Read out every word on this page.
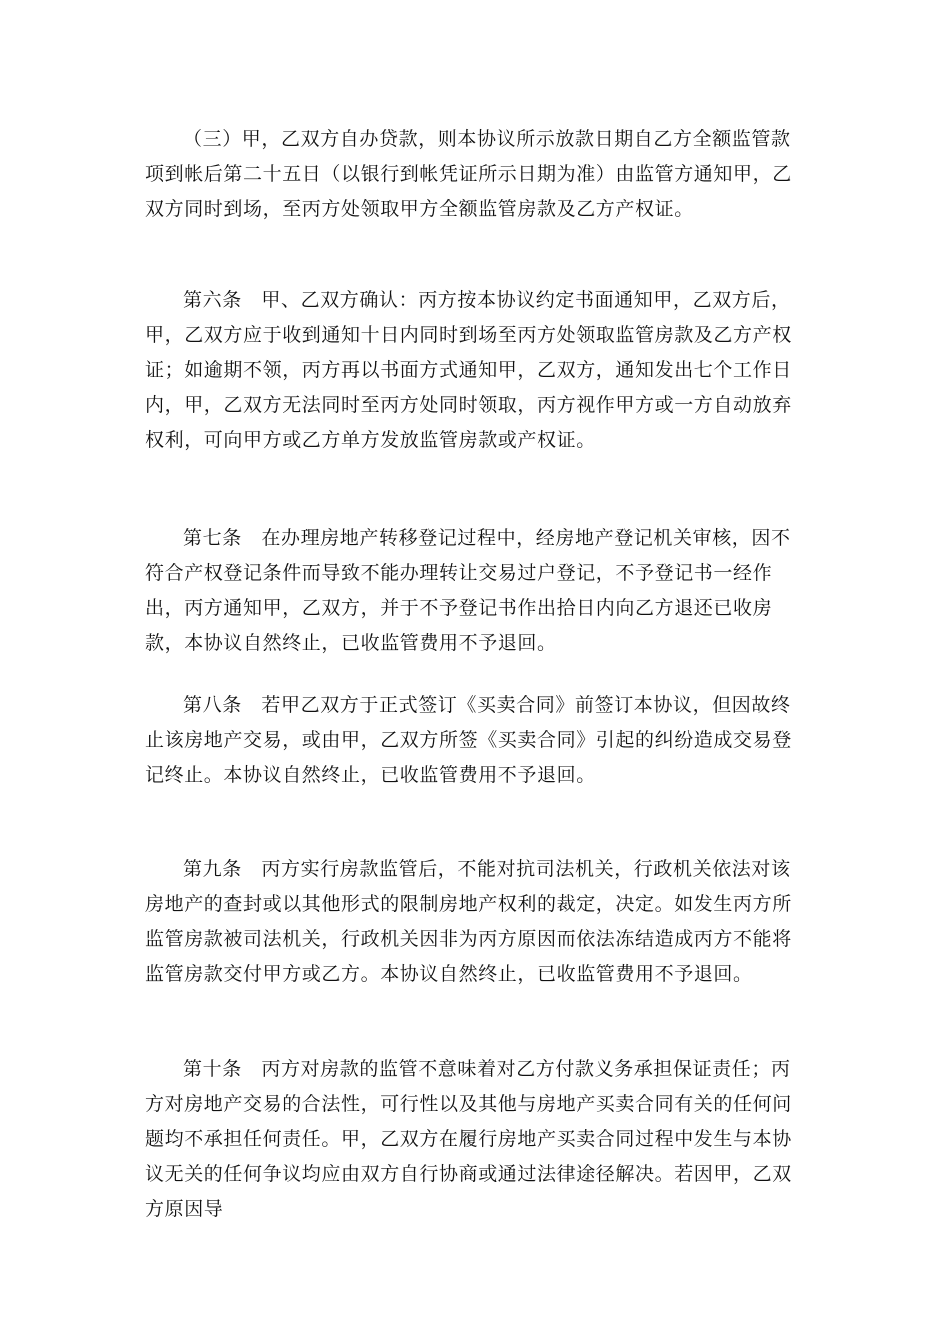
（三）甲，乙双方自办贷款，则本协议所示放款日期自乙方全额监管款项到帐后第二十五日（以银行到帐凭证所示日期为准）由监管方通知甲，乙双方同时到场，至丙方处领取甲方全额监管房款及乙方产权证。

第六条　甲、乙双方确认：丙方按本协议约定书面通知甲，乙双方后，甲，乙双方应于收到通知十日内同时到场至丙方处领取监管房款及乙方产权证；如逾期不领，丙方再以书面方式通知甲，乙双方，通知发出七个工作日内，甲，乙双方无法同时至丙方处同时领取，丙方视作甲方或一方自动放弃权利，可向甲方或乙方单方发放监管房款或产权证。

第七条　在办理房地产转移登记过程中，经房地产登记机关审核，因不符合产权登记条件而导致不能办理转让交易过户登记，不予登记书一经作出，丙方通知甲，乙双方，并于不予登记书作出拾日内向乙方退还已收房款，本协议自然终止，已收监管费用不予退回。

第八条　若甲乙双方于正式签订《买卖合同》前签订本协议，但因故终止该房地产交易，或由甲，乙双方所签《买卖合同》引起的纠纷造成交易登记终止。本协议自然终止，已收监管费用不予退回。

第九条　丙方实行房款监管后，不能对抗司法机关，行政机关依法对该房地产的查封或以其他形式的限制房地产权利的裁定，决定。如发生丙方所监管房款被司法机关，行政机关因非为丙方原因而依法冻结造成丙方不能将监管房款交付甲方或乙方。本协议自然终止，已收监管费用不予退回。

第十条　丙方对房款的监管不意味着对乙方付款义务承担保证责任；丙方对房地产交易的合法性，可行性以及其他与房地产买卖合同有关的任何问题均不承担任何责任。甲，乙双方在履行房地产买卖合同过程中发生与本协议无关的任何争议均应由双方自行协商或通过法律途径解决。若因甲，乙双方原因导
